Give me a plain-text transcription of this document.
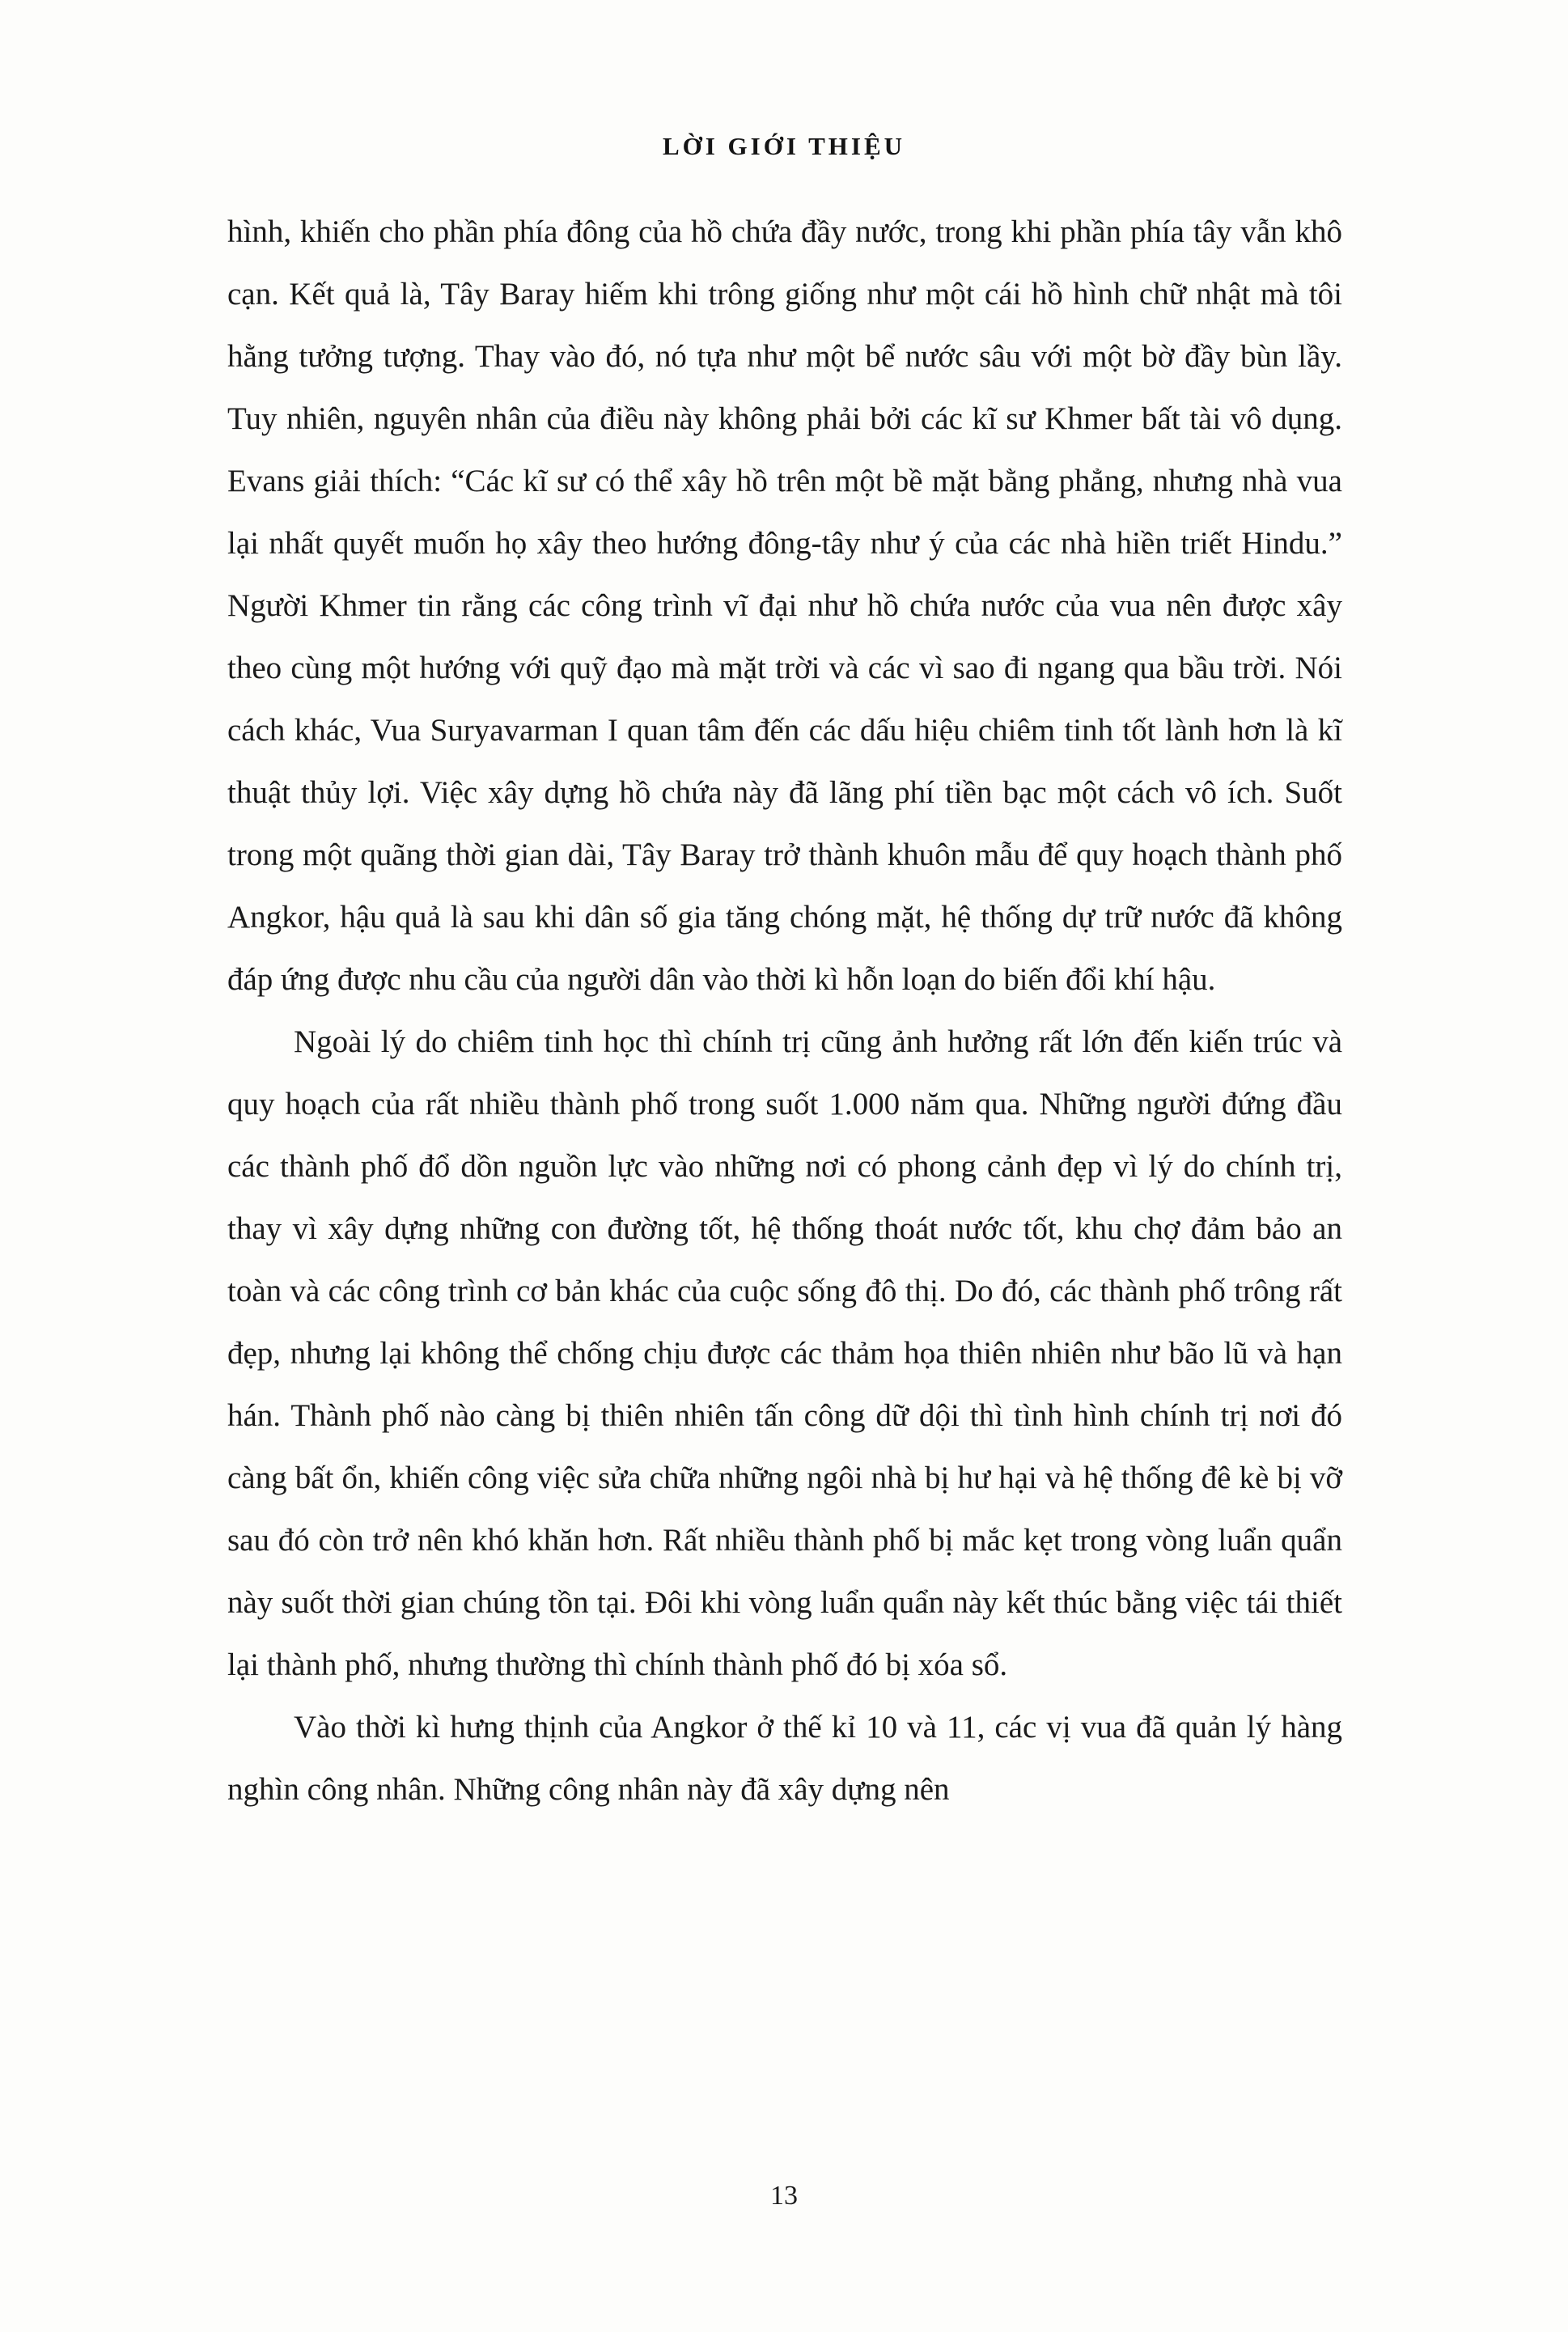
LỜI GIỚI THIỆU

hình, khiến cho phần phía đông của hồ chứa đầy nước, trong khi phần phía tây vẫn khô cạn. Kết quả là, Tây Baray hiếm khi trông giống như một cái hồ hình chữ nhật mà tôi hằng tưởng tượng. Thay vào đó, nó tựa như một bể nước sâu với một bờ đầy bùn lầy. Tuy nhiên, nguyên nhân của điều này không phải bởi các kĩ sư Khmer bất tài vô dụng. Evans giải thích: “Các kĩ sư có thể xây hồ trên một bề mặt bằng phẳng, nhưng nhà vua lại nhất quyết muốn họ xây theo hướng đông-tây như ý của các nhà hiền triết Hindu.” Người Khmer tin rằng các công trình vĩ đại như hồ chứa nước của vua nên được xây theo cùng một hướng với quỹ đạo mà mặt trời và các vì sao đi ngang qua bầu trời. Nói cách khác, Vua Suryavarman I quan tâm đến các dấu hiệu chiêm tinh tốt lành hơn là kĩ thuật thủy lợi. Việc xây dựng hồ chứa này đã lãng phí tiền bạc một cách vô ích. Suốt trong một quãng thời gian dài, Tây Baray trở thành khuôn mẫu để quy hoạch thành phố Angkor, hậu quả là sau khi dân số gia tăng chóng mặt, hệ thống dự trữ nước đã không đáp ứng được nhu cầu của người dân vào thời kì hỗn loạn do biến đổi khí hậu.

Ngoài lý do chiêm tinh học thì chính trị cũng ảnh hưởng rất lớn đến kiến trúc và quy hoạch của rất nhiều thành phố trong suốt 1.000 năm qua. Những người đứng đầu các thành phố đổ dồn nguồn lực vào những nơi có phong cảnh đẹp vì lý do chính trị, thay vì xây dựng những con đường tốt, hệ thống thoát nước tốt, khu chợ đảm bảo an toàn và các công trình cơ bản khác của cuộc sống đô thị. Do đó, các thành phố trông rất đẹp, nhưng lại không thể chống chịu được các thảm họa thiên nhiên như bão lũ và hạn hán. Thành phố nào càng bị thiên nhiên tấn công dữ dội thì tình hình chính trị nơi đó càng bất ổn, khiến công việc sửa chữa những ngôi nhà bị hư hại và hệ thống đê kè bị vỡ sau đó còn trở nên khó khăn hơn. Rất nhiều thành phố bị mắc kẹt trong vòng luẩn quẩn này suốt thời gian chúng tồn tại. Đôi khi vòng luẩn quẩn này kết thúc bằng việc tái thiết lại thành phố, nhưng thường thì chính thành phố đó bị xóa sổ.

Vào thời kì hưng thịnh của Angkor ở thế kỉ 10 và 11, các vị vua đã quản lý hàng nghìn công nhân. Những công nhân này đã xây dựng nên

13
